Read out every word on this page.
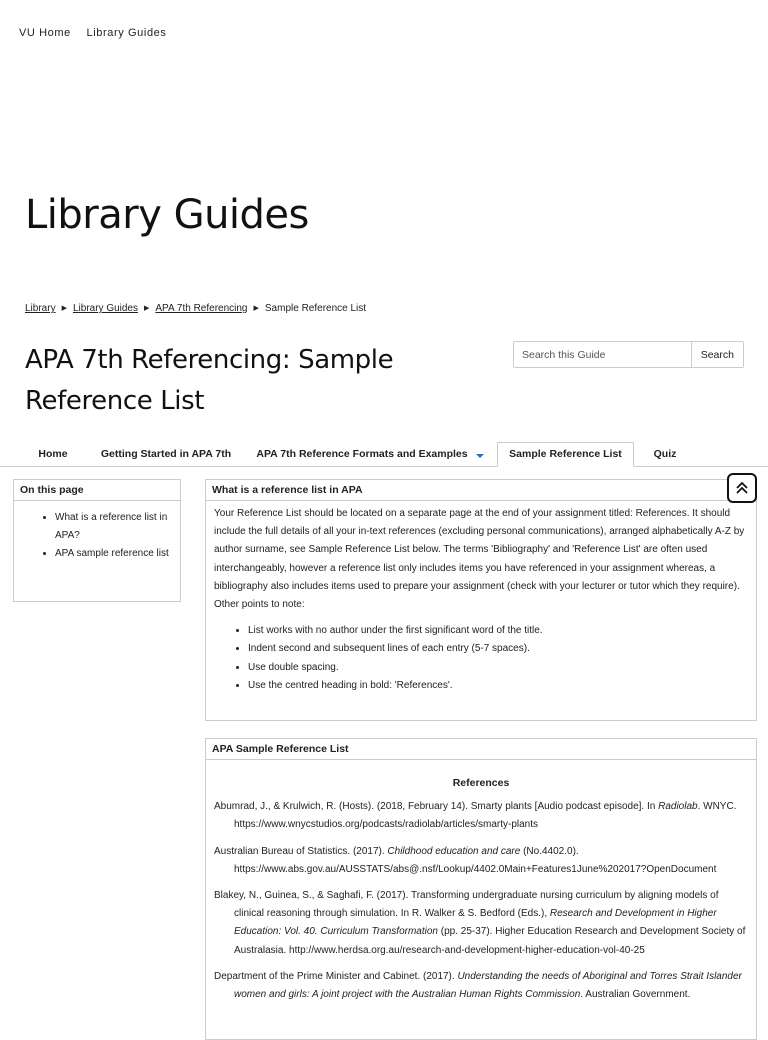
VU Home Library Guides
Library Guides
Library ▶ Library Guides ▶ APA 7th Referencing ▶ Sample Reference List
APA 7th Referencing: Sample Reference List
Search this Guide
Search
Home	Getting Started in APA 7th	APA 7th Reference Formats and Examples	Sample Reference List	Quiz
On this page
• What is a reference list in APA?
• APA sample reference list
What is a reference list in APA

Your Reference List should be located on a separate page at the end of your assignment titled: References. It should include the full details of all your in-text references (excluding personal communications), arranged alphabetically A-Z by author surname, see Sample Reference List below. The terms 'Bibliography' and 'Reference List' are often used interchangeably, however a reference list only includes items you have referenced in your assignment whereas, a bibliography also includes items used to prepare your assignment (check with your lecturer or tutor which they require). Other points to note:

• List works with no author under the first significant word of the title.
• Indent second and subsequent lines of each entry (5-7 spaces).
• Use double spacing.
• Use the centred heading in bold: 'References'.
APA Sample Reference List
References

Abumrad, J., & Krulwich, R. (Hosts). (2018, February 14). Smarty plants [Audio podcast episode]. In Radiolab. WNYC. https://www.wnycstudios.org/podcasts/radiolab/articles/smarty-plants

Australian Bureau of Statistics. (2017). Childhood education and care (No.4402.0). https://www.abs.gov.au/AUSSTATS/abs@.nsf/Lookup/4402.0Main+Features1June%202017?OpenDocument

Blakey, N., Guinea, S., & Saghafi, F. (2017). Transforming undergraduate nursing curriculum by aligning models of clinical reasoning through simulation. In R. Walker & S. Bedford (Eds.), Research and Development in Higher Education: Vol. 40. Curriculum Transformation (pp. 25-37). Higher Education Research and Development Society of Australasia. http://www.herdsa.org.au/research-and-development-higher-education-vol-40-25

Department of the Prime Minister and Cabinet. (2017). Understanding the needs of Aboriginal and Torres Strait Islander women and girls: A joint project with the Australian Human Rights Commission. Australian Government.
